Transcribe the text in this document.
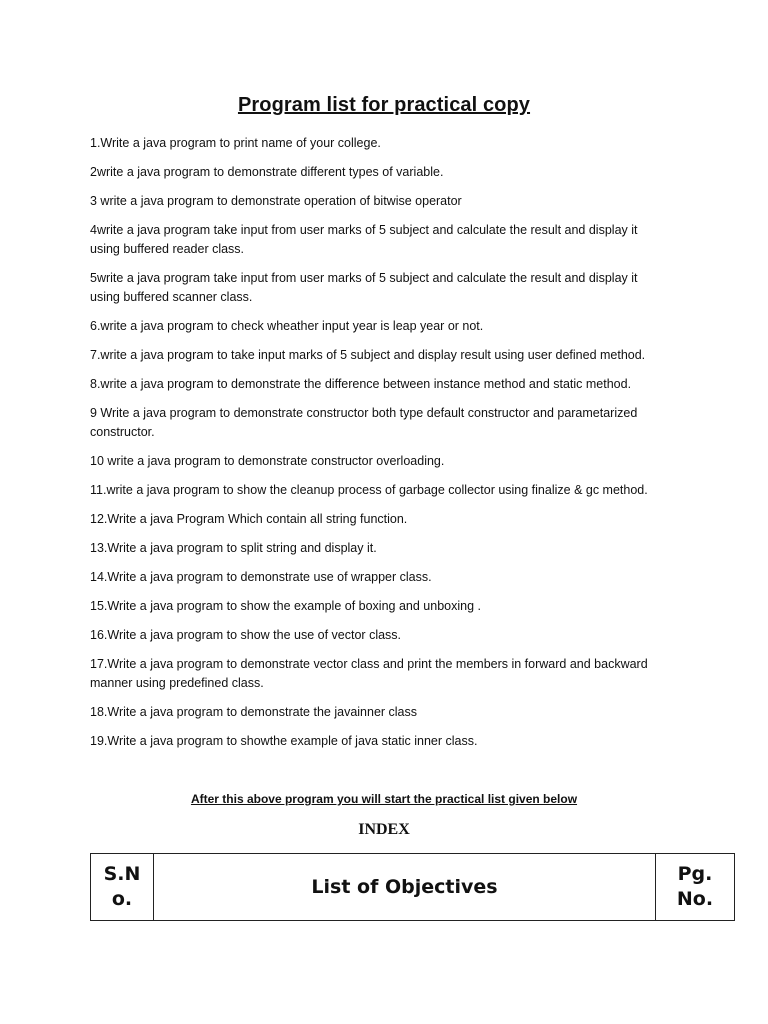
Program list for practical copy
1.Write a java program to print name of your college.
2write a java program to demonstrate different types of variable.
3 write a java program to demonstrate operation of bitwise operator
4write a java program take input from user marks of 5 subject and calculate the result and display it using buffered reader class.
5write a java program take input from user marks of 5 subject and calculate the result and display it using buffered scanner class.
6.write a java program to check wheather input year is leap year or not.
7.write a java program to take input marks of 5 subject and display result using user defined method.
8.write a java program to demonstrate the difference between instance method and static method.
9 Write a java program to demonstrate constructor both type default constructor and parametarized constructor.
10 write a java program to demonstrate constructor overloading.
11.write a java program to show the cleanup process of garbage collector using finalize & gc method.
12.Write a java Program Which contain all string function.
13.Write a java program to split string and display it.
14.Write a java program to demonstrate use of wrapper class.
15.Write a java program to show the example of boxing and unboxing .
16.Write a java program to show the use of vector class.
17.Write a java program to demonstrate vector class and print the members in forward and backward manner using predefined class.
18.Write a java program to demonstrate the javainner class
19.Write a java program to showthe example of java static inner class.
After this above program you will start the practical list given below
INDEX
S.No.	List of Objectives	Pg. No.
